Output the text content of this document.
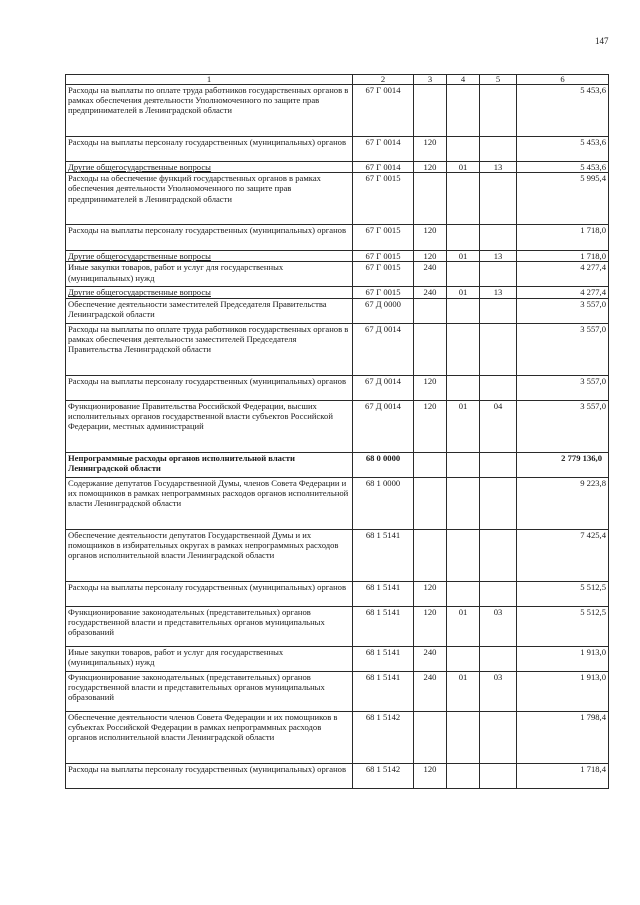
147
1	2	3	4	5	6
Расходы на выплаты по оплате труда работников государственных органов в рамках обеспечения деятельности Уполномоченного по защите прав предпринимателей в Ленинградской области	67 Г 0014				5 453,6
Расходы на выплаты персоналу государственных (муниципальных) органов	67 Г 0014	120			5 453,6
Другие общегосударственные вопросы	67 Г 0014	120	01	13	5 453,6
Расходы на обеспечение функций государственных органов в рамках обеспечения деятельности Уполномоченного по защите прав предпринимателей в Ленинградской области	67 Г 0015				5 995,4
Расходы на выплаты персоналу государственных (муниципальных) органов	67 Г 0015	120			1 718,0
Другие общегосударственные вопросы	67 Г 0015	120	01	13	1 718,0
Иные закупки товаров, работ и услуг для государственных (муниципальных) нужд	67 Г 0015	240			4 277,4
Другие общегосударственные вопросы	67 Г 0015	240	01	13	4 277,4
Обеспечение деятельности заместителей Председателя Правительства Ленинградской области	67 Д 0000				3 557,0
Расходы на выплаты по оплате труда работников государственных органов в рамках обеспечения деятельности заместителей Председателя Правительства Ленинградской области	67 Д 0014				3 557,0
Расходы на выплаты персоналу государственных (муниципальных) органов	67 Д 0014	120			3 557,0
Функционирование Правительства Российской Федерации, высших исполнительных органов государственной власти субъектов Российской Федерации, местных администраций	67 Д 0014	120	01	04	3 557,0
Непрограммные расходы органов исполнительной власти Ленинградской области	68 0 0000				2 779 136,0
Содержание депутатов Государственной Думы, членов Совета Федерации и их помощников в рамках непрограммных расходов органов исполнительной власти Ленинградской области	68 1 0000				9 223,8
Обеспечение деятельности депутатов Государственной Думы и их помощников в избирательных округах в рамках непрограммных расходов органов исполнительной власти Ленинградской области	68 1 5141				7 425,4
Расходы на выплаты персоналу государственных (муниципальных) органов	68 1 5141	120			5 512,5
Функционирование законодательных (представительных) органов государственной власти и представительных органов муниципальных образований	68 1 5141	120	01	03	5 512,5
Иные закупки товаров, работ и услуг для государственных (муниципальных) нужд	68 1 5141	240			1 913,0
Функционирование законодательных (представительных) органов государственной власти и представительных органов муниципальных образований	68 1 5141	240	01	03	1 913,0
Обеспечение деятельности членов Совета Федерации и их помощников в субъектах Российской Федерации в рамках непрограммных расходов органов исполнительной власти Ленинградской области	68 1 5142				1 798,4
Расходы на выплаты персоналу государственных (муниципальных) органов	68 1 5142	120			1 718,4
